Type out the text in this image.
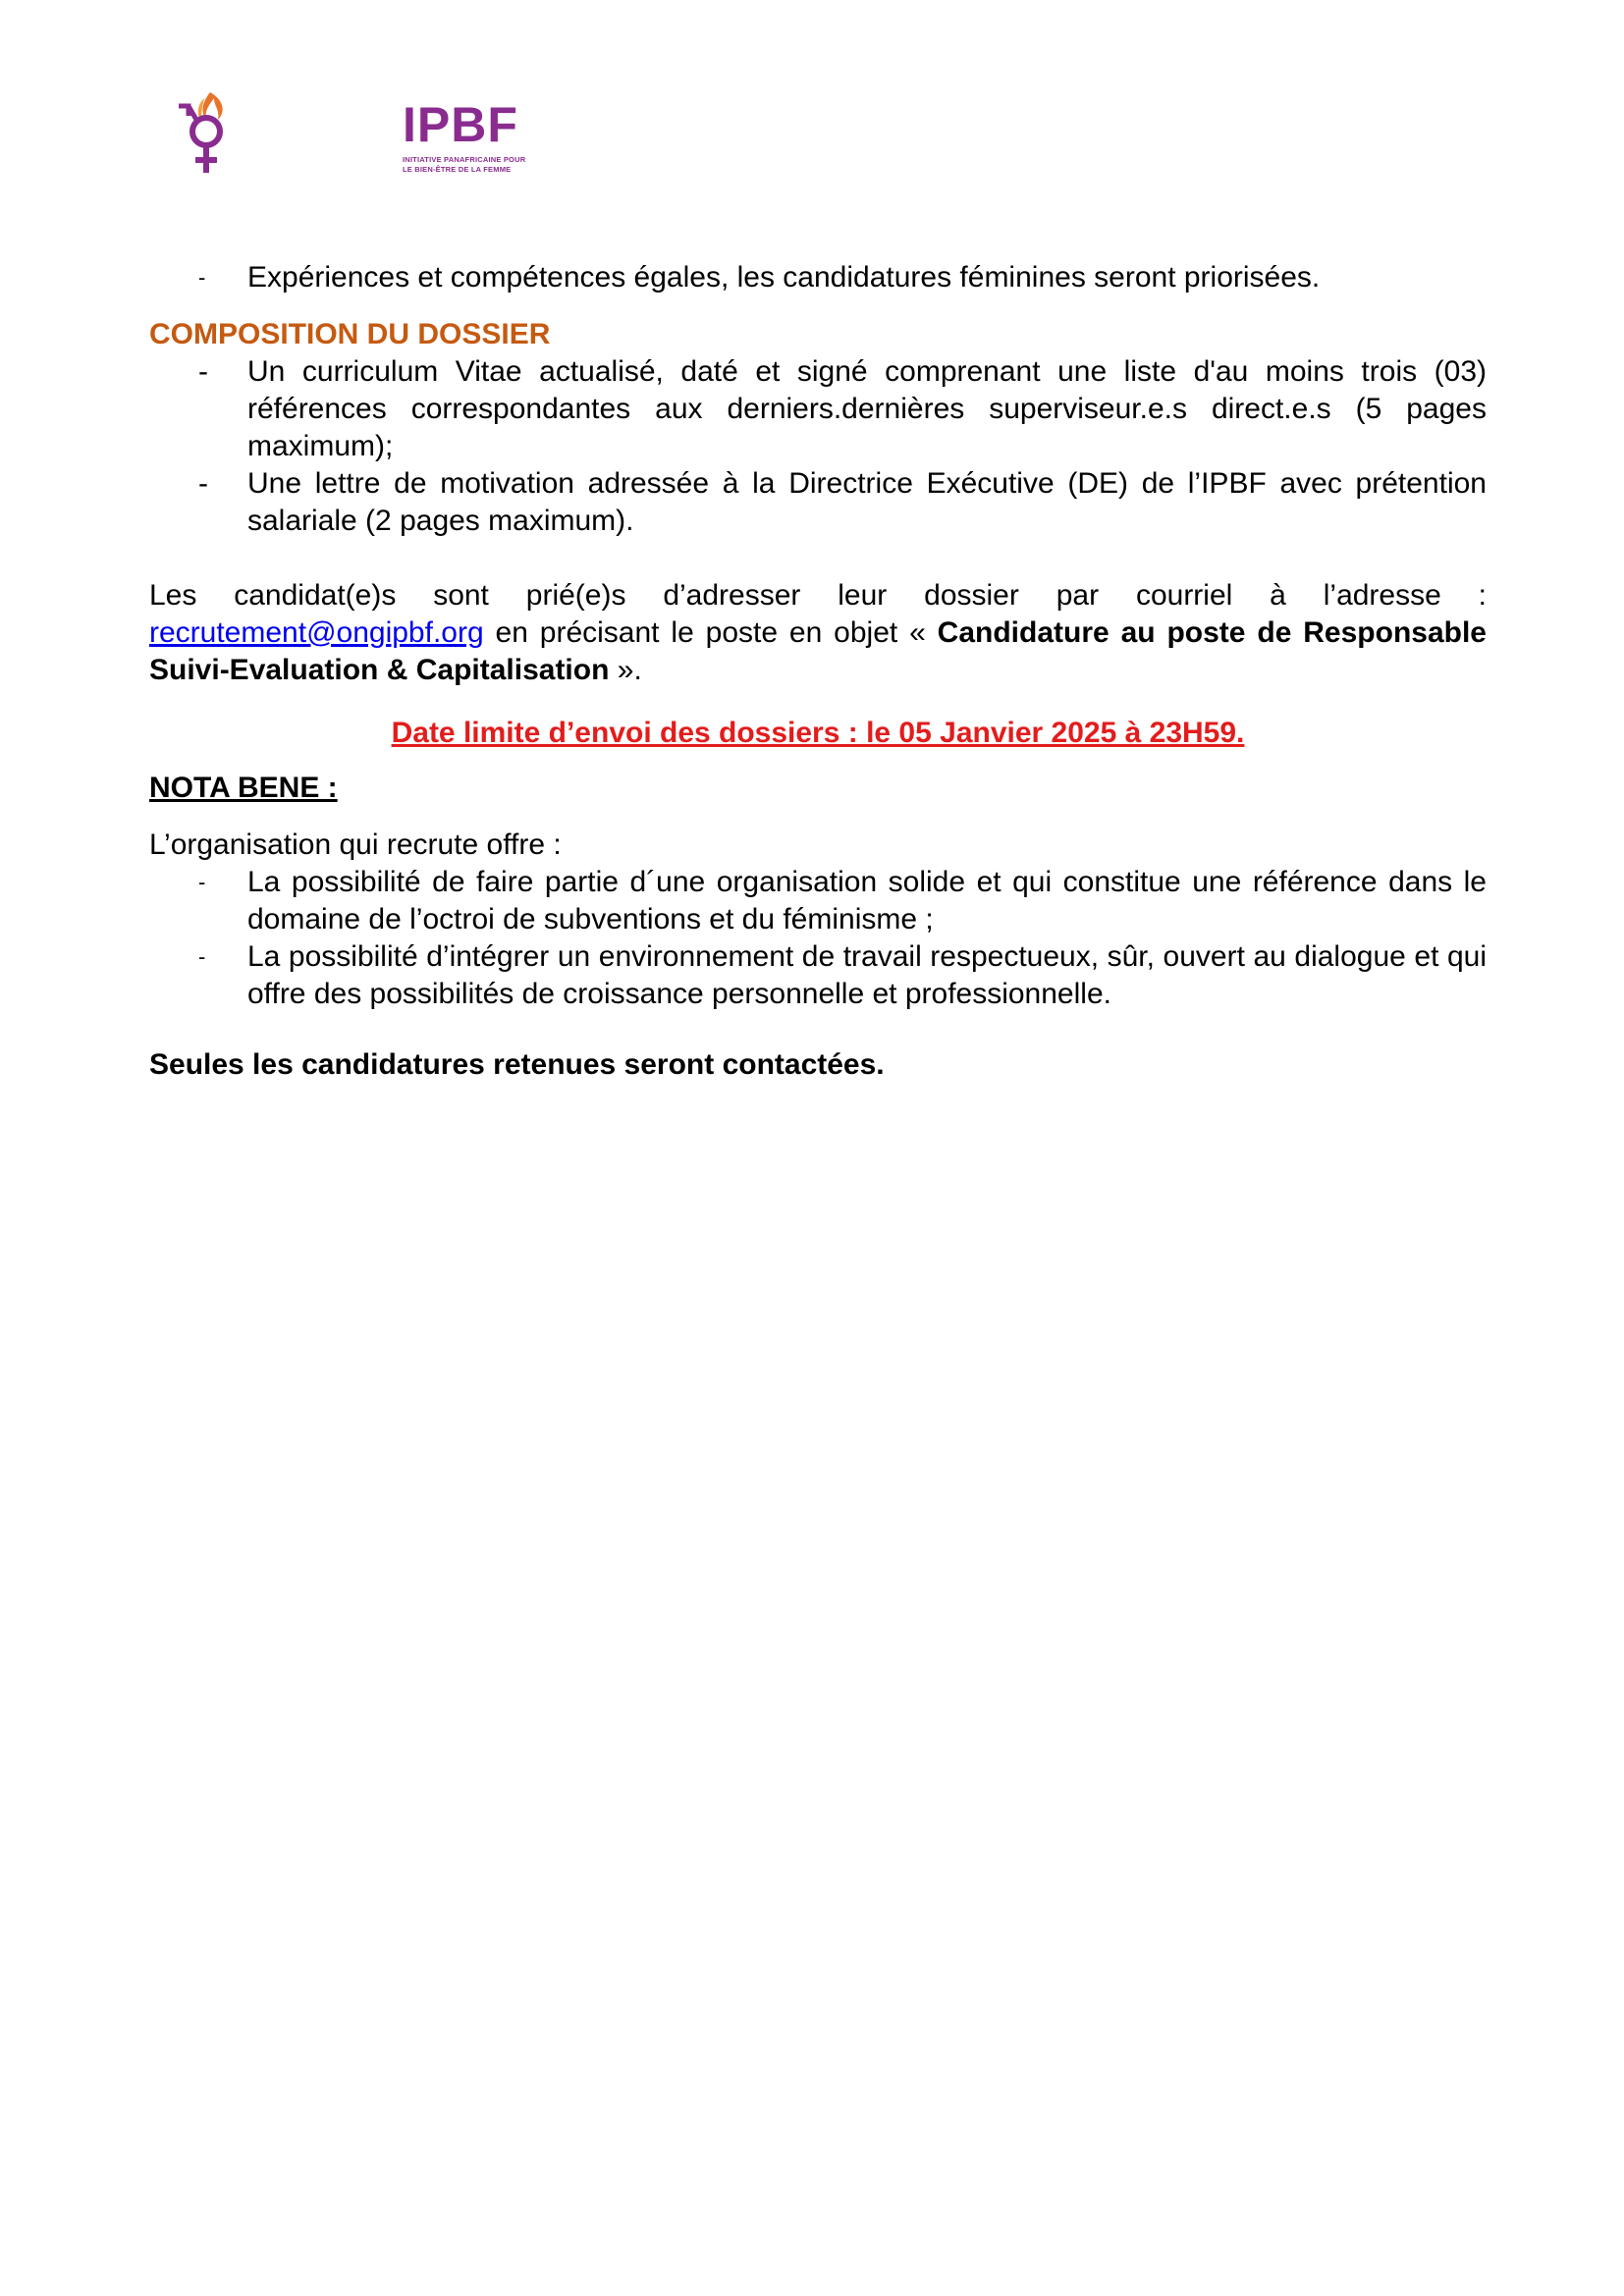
IPBF
INITIATIVE PANAFRICAINE POUR
LE BIEN-ÊTRE DE LA FEMME
- Expériences et compétences égales, les candidatures féminines seront priorisées.
COMPOSITION DU DOSSIER
- Un curriculum Vitae actualisé, daté et signé comprenant une liste d'au moins trois (03) références correspondantes aux derniers.dernières superviseur.e.s direct.e.s (5 pages maximum);
- Une lettre de motivation adressée à la Directrice Exécutive (DE) de l’IPBF avec prétention salariale (2 pages maximum).
Les candidat(e)s sont prié(e)s d’adresser leur dossier par courriel à l’adresse : recrutement@ongipbf.org en précisant le poste en objet « Candidature au poste de Responsable Suivi-Evaluation & Capitalisation ».
Date limite d’envoi des dossiers : le 05 Janvier 2025 à 23H59.
NOTA BENE :
L’organisation qui recrute offre :
- La possibilité de faire partie d´une organisation solide et qui constitue une référence dans le domaine de l’octroi de subventions et du féminisme ;
- La possibilité d’intégrer un environnement de travail respectueux, sûr, ouvert au dialogue et qui offre des possibilités de croissance personnelle et professionnelle.
Seules les candidatures retenues seront contactées.
